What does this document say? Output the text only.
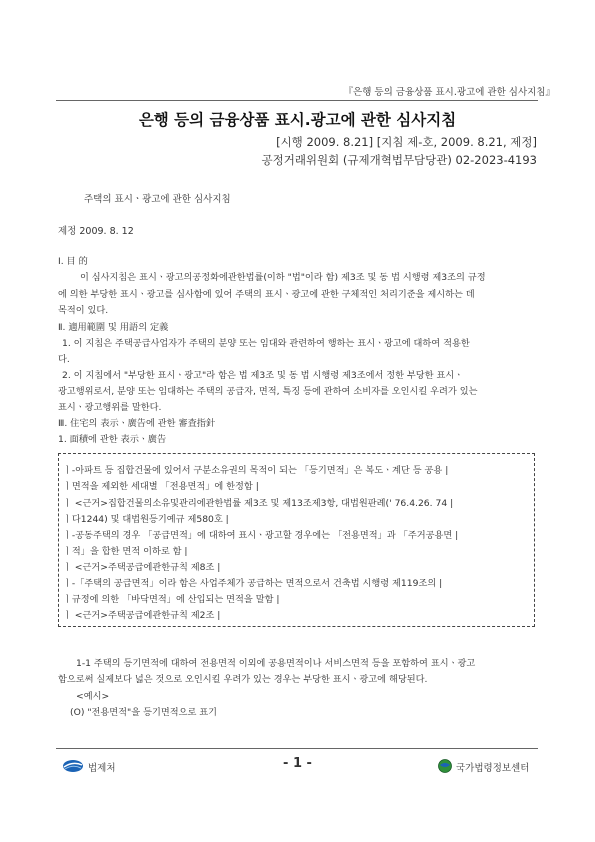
『은행 등의 금융상품 표시.광고에 관한 심사지침』
은행 등의 금융상품 표시.광고에 관한 심사지침
[시행 2009. 8.21] [지침 제-호, 2009. 8.21, 제정]
공정거래위원회 (규제개혁법무담당관) 02-2023-4193
주택의 표시ㆍ광고에 관한 심사지침
제정 2009. 8. 12
Ⅰ. 目 的
이 심사지침은 표시ㆍ광고의공정화에관한법률(이하 "법"이라 함) 제3조 및 동 법 시행령 제3조의 규정
에 의한 부당한 표시ㆍ광고를 심사함에 있어 주택의 표시ㆍ광고에 관한 구체적인 처리기준을 제시하는 데
목적이 있다.
Ⅱ. 適用範圍 및 用語의 定義
1. 이 지침은 주택공급사업자가 주택의 분양 또는 임대와 관련하여 행하는 표시ㆍ광고에 대하여 적용한
다.
2. 이 지침에서 "부당한 표시ㆍ광고"라 함은 법 제3조 및 동 법 시행령 제3조에서 정한 부당한 표시ㆍ
광고행위로서, 분양 또는 임대하는 주택의 공급자, 면적, 특징 등에 관하여 소비자를 오인시킬 우려가 있는
표시ㆍ광고행위를 말한다.
Ⅲ. 住宅의 表示ㆍ廣告에 관한 審査指針
1. 面積에 관한 表示ㆍ廣告
ㅣ-아파트 등 집합건물에 있어서 구분소유권의 목적이 되는 「등기면적」은 복도ㆍ계단 등 공용 |
ㅣ면적을 제외한 세대별 「전용면적」에 한정함 |
ㅣ <근거>집합건물의소유및관리에관한법률 제3조 및 제13조제3항, 대법원판례(' 76.4.26. 74 |
ㅣ다1244) 및 대법원등기예규 제580호 |
ㅣ-공동주택의 경우 「공급면적」에 대하여 표시ㆍ광고할 경우에는 「전용면적」과 「주거공용면 |
ㅣ적」을 합한 면적 이하로 함 |
ㅣ <근거>주택공급에관한규칙 제8조 |
ㅣ-「주택의 공급면적」이라 함은 사업주체가 공급하는 면적으로서 건축법 시행령 제119조의 |
ㅣ규정에 의한 「바닥면적」에 산입되는 면적을 말함 |
ㅣ <근거>주택공급에관한규칙 제2조 |
1-1 주택의 등기면적에 대하여 전용면적 이외에 공용면적이나 서비스면적 등을 포함하여 표시ㆍ광고
함으로써 실제보다 넓은 것으로 오인시킬 우려가 있는 경우는 부당한 표시ㆍ광고에 해당된다.
<예시>
(O) "전용면적"을 등기면적으로 표기
법제처	- 1 -	국가법령정보센터
